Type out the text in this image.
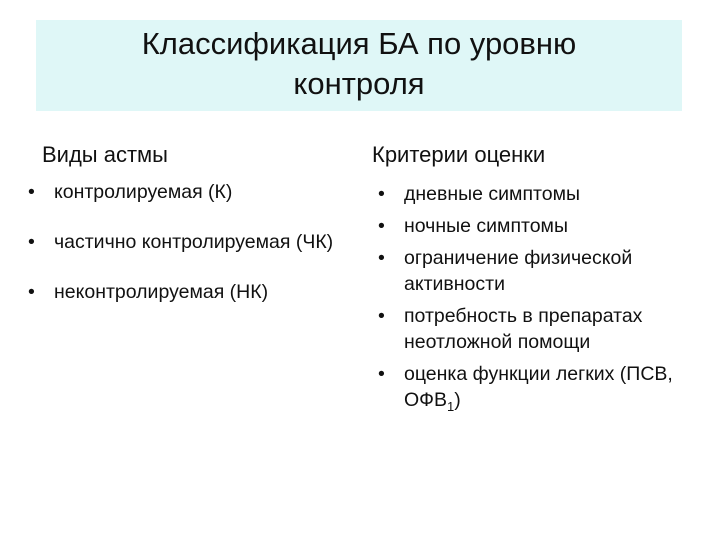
Классификация БА по уровню
контроля
Виды астмы	Критерии оценки
• контролируемая (К)
• частично контролируемая (ЧК)
• неконтролируемая (НК)
• дневные симптомы
• ночные симптомы
• ограничение физической активности
• потребность в препаратах неотложной помощи
• оценка функции легких (ПСВ, $ОФВ_1$)
